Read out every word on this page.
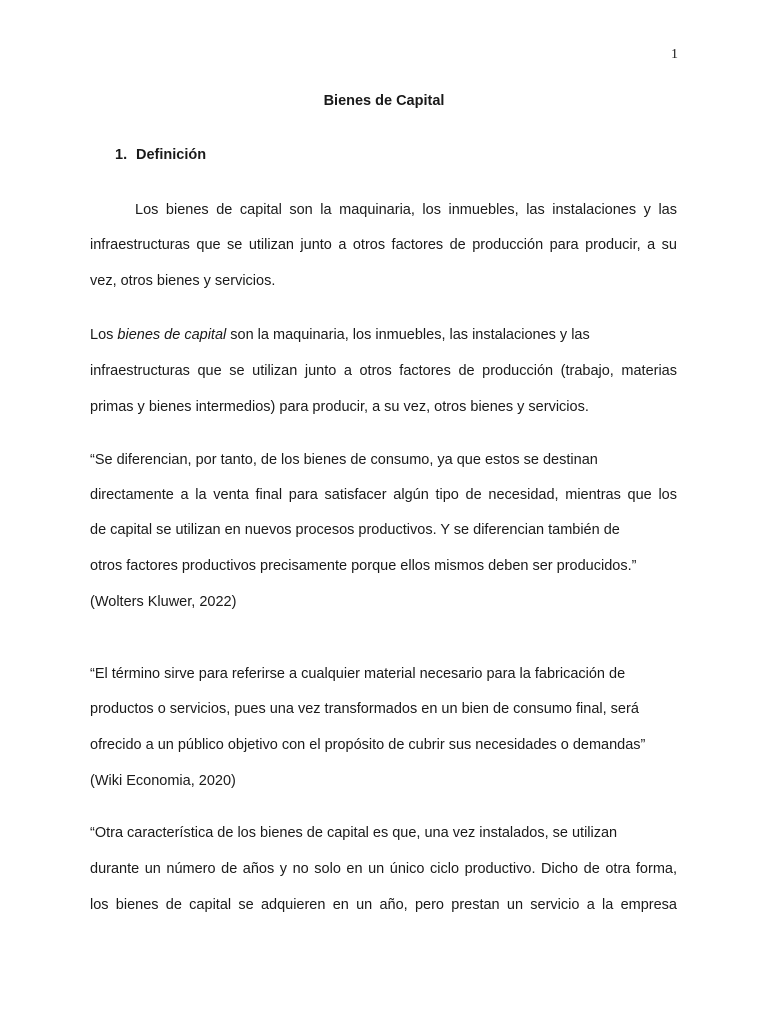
1
Bienes de Capital
1. Definición
Los bienes de capital son la maquinaria, los inmuebles, las instalaciones y las
infraestructuras que se utilizan junto a otros factores de producción para producir, a su
vez, otros bienes y servicios.
Los bienes de capital son la maquinaria, los inmuebles, las instalaciones y las
infraestructuras que se utilizan junto a otros factores de producción (trabajo, materias
primas y bienes intermedios) para producir, a su vez, otros bienes y servicios.
“Se diferencian, por tanto, de los bienes de consumo, ya que estos se destinan
directamente a la venta final para satisfacer algún tipo de necesidad, mientras que los
de capital se utilizan en nuevos procesos productivos. Y se diferencian también de
otros factores productivos precisamente porque ellos mismos deben ser producidos.”
(Wolters Kluwer, 2022)
“El término sirve para referirse a cualquier material necesario para la fabricación de
productos o servicios, pues una vez transformados en un bien de consumo final, será
ofrecido a un público objetivo con el propósito de cubrir sus necesidades o demandas”
(Wiki Economia, 2020)
“Otra característica de los bienes de capital es que, una vez instalados, se utilizan
durante un número de años y no solo en un único ciclo productivo. Dicho de otra forma,
los bienes de capital se adquieren en un año, pero prestan un servicio a la empresa
